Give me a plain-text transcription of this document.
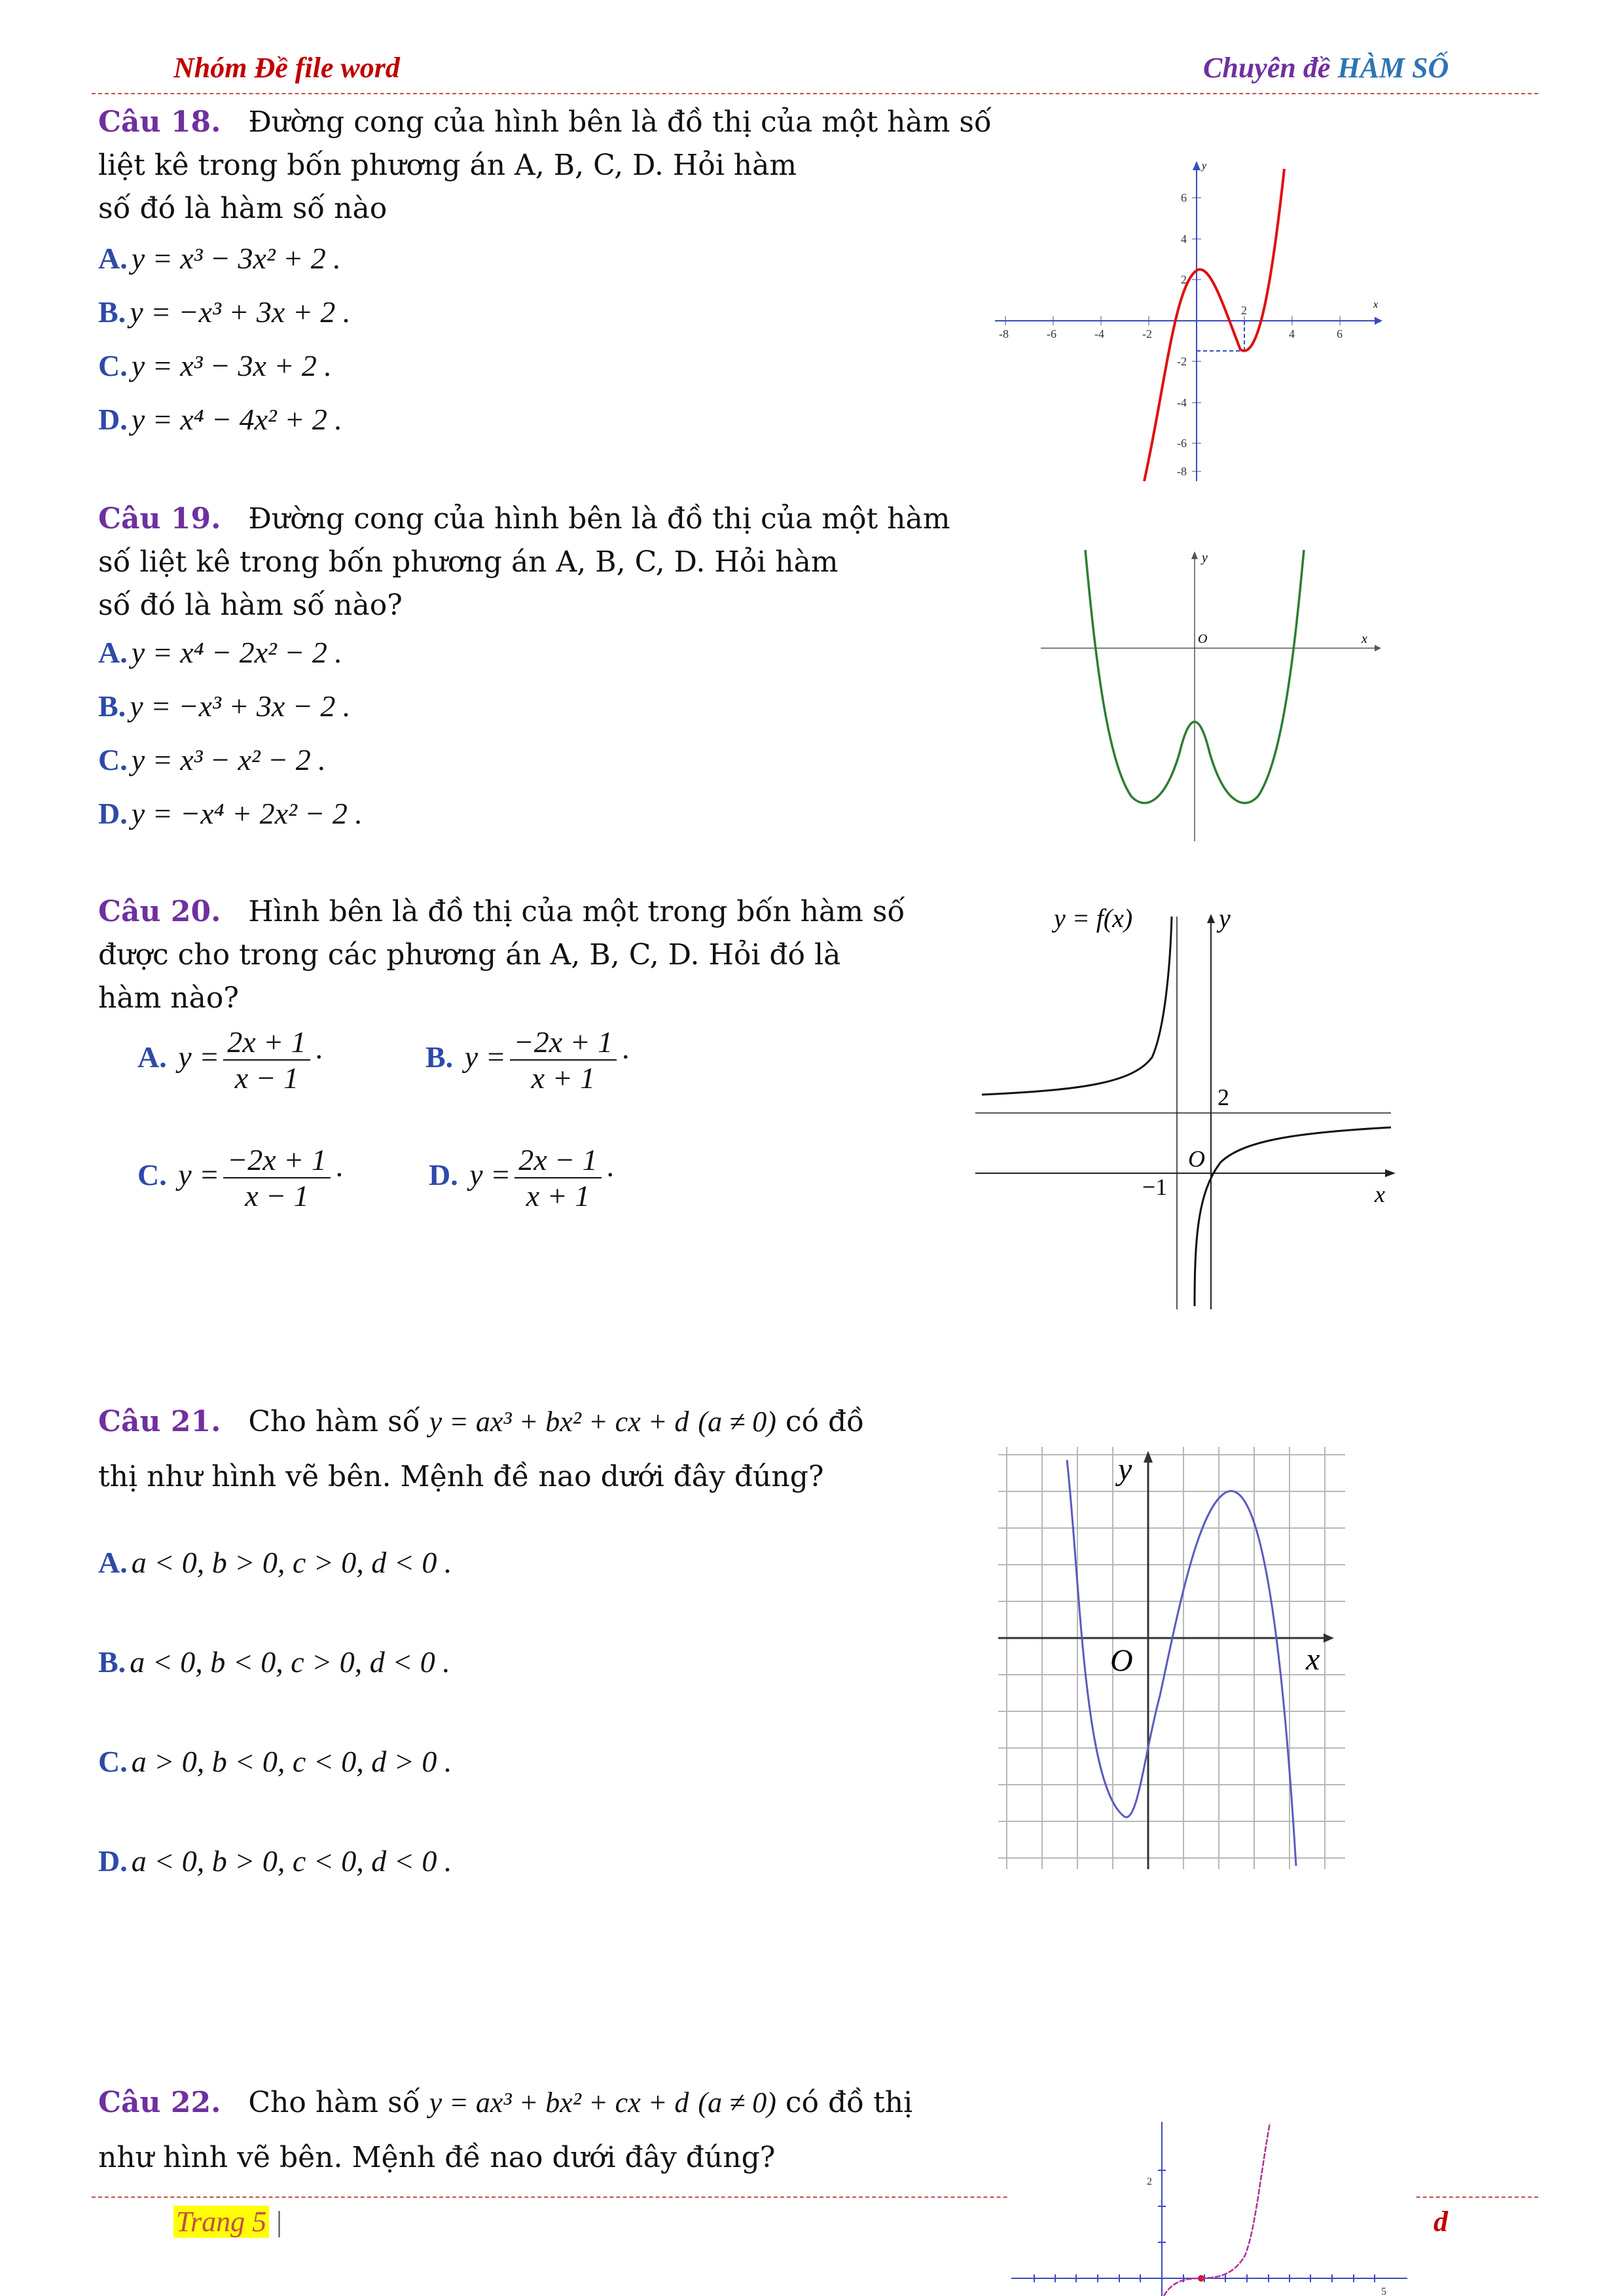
Nhóm Đề file word	Chuyên đề HÀM SỐ
Câu 18. Đường cong của hình bên là đồ thị của một hàm số
liệt kê trong bốn phương án A, B, C, D. Hỏi hàm
số đó là hàm số nào
A. y = x³ − 3x² + 2 .
B. y = −x³ + 3x + 2 .
C. y = x³ − 3x + 2 .
D. y = x⁴ − 4x² + 2 .
x
y
-8	-6	-4	-2
2
4	6
6
4
2
-2
-4
-6
-8
Câu 19. Đường cong của hình bên là đồ thị của một hàm
số liệt kê trong bốn phương án A, B, C, D. Hỏi hàm
số đó là hàm số nào?
A. y = x⁴ − 2x² − 2 .
B. y = −x³ + 3x − 2 .
C. y = x³ − x² − 2 .
D. y = −x⁴ + 2x² − 2 .
x
y
O
Câu 20. Hình bên là đồ thị của một trong bốn hàm số
được cho trong các phương án A, B, C, D. Hỏi đó là
hàm nào?
A. $y = \frac{2x + 1}{x - 1}$ ·	B. $y = \frac{-2x + 1}{x + 1}$ ·
C. $y = \frac{-2x + 1}{x - 1}$ ·	D. $y = \frac{2x - 1}{x + 1}$ ·
y = f(x)	y
x
2
−1
O
Câu 21. Cho hàm số y = ax³ + bx² + cx + d (a ≠ 0) có đồ
thị như hình vẽ bên. Mệnh đề nao dưới đây đúng?
A. a < 0, b > 0, c > 0, d < 0 .
B. a < 0, b < 0, c > 0, d < 0 .
C. a > 0, b < 0, c < 0, d > 0 .
D. a < 0, b > 0, c < 0, d < 0 .
x
y
O
Câu 22. Cho hàm số y = ax³ + bx² + cx + d (a ≠ 0) có đồ thị
như hình vẽ bên. Mệnh đề nao dưới đây đúng?
Trang 5 |	d
2
5
